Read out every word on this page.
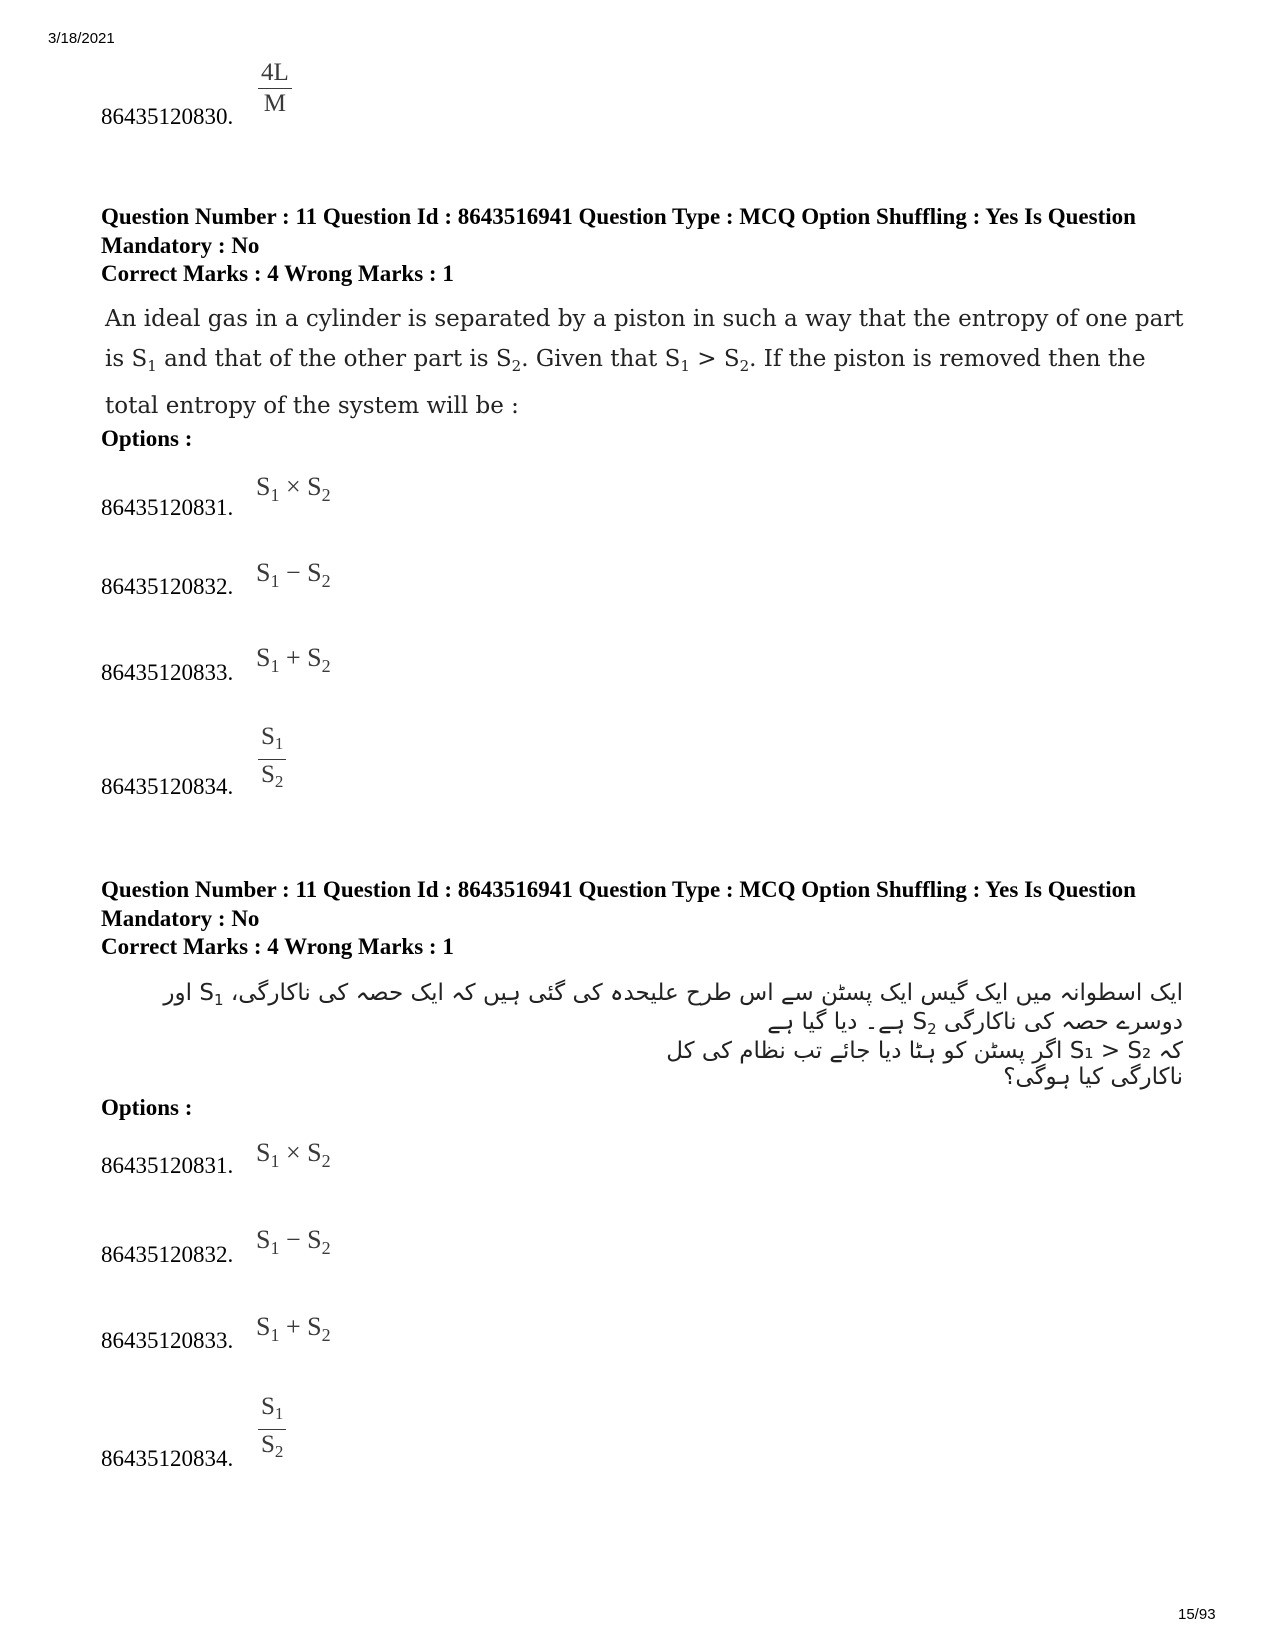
3/18/2021
$\frac{4L}{M}$
86435120830.
Question Number : 11 Question Id : 8643516941 Question Type : MCQ Option Shuffling : Yes Is Question Mandatory : No
Correct Marks : 4 Wrong Marks : 1
An ideal gas in a cylinder is separated by a piston in such a way that the entropy of one part is $S_1$ and that of the other part is $S_2$. Given that $S_1 > S_2$. If the piston is removed then the total entropy of the system will be :
Options :
$S_1 \times S_2$
86435120831.
$S_1 - S_2$
86435120832.
$S_1 + S_2$
86435120833.
$\frac{S_1}{S_2}$
86435120834.
Question Number : 11 Question Id : 8643516941 Question Type : MCQ Option Shuffling : Yes Is Question Mandatory : No
Correct Marks : 4 Wrong Marks : 1
ایک اسطوانہ میں ایک گیس ایک پسٹن سے اس طرح علیحدہ کی گئی ہیں کہ ایک حصہ کی ناکارگی، $S_1$ اور دوسرے حصہ کی ناکارگی $S_2$ ہے۔ دیا گیا ہے
کہ S₁ > S₂ اگر پسٹن کو ہٹا دیا جائے تب نظام کی کل ناکارگی کیا ہوگی؟
Options :
$S_1 \times S_2$
86435120831.
$S_1 - S_2$
86435120832.
$S_1 + S_2$
86435120833.
$\frac{S_1}{S_2}$
86435120834.
15/93
